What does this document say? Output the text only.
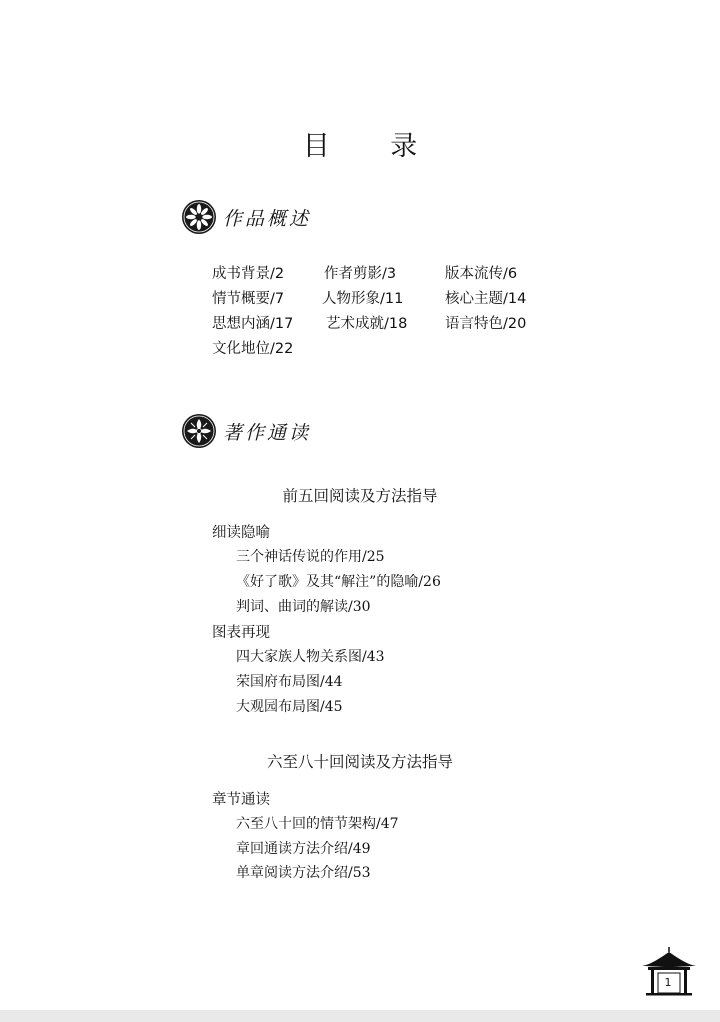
目 录
作品概述
成书背景/2	作者剪影/3	版本流传/6
情节概要/7	人物形象/11	核心主题/14
思想内涵/17 艺术成就/18	语言特色/20
文化地位/22
著作通读
前五回阅读及方法指导
细读隐喻
三个神话传说的作用/25
《好了歌》及其“解注”的隐喻/26
判词、曲词的解读/30
图表再现
四大家族人物关系图/43
荣国府布局图/44
大观园布局图/45
六至八十回阅读及方法指导
章节通读
六至八十回的情节架构/47
章回通读方法介绍/49
单章阅读方法介绍/53
1
